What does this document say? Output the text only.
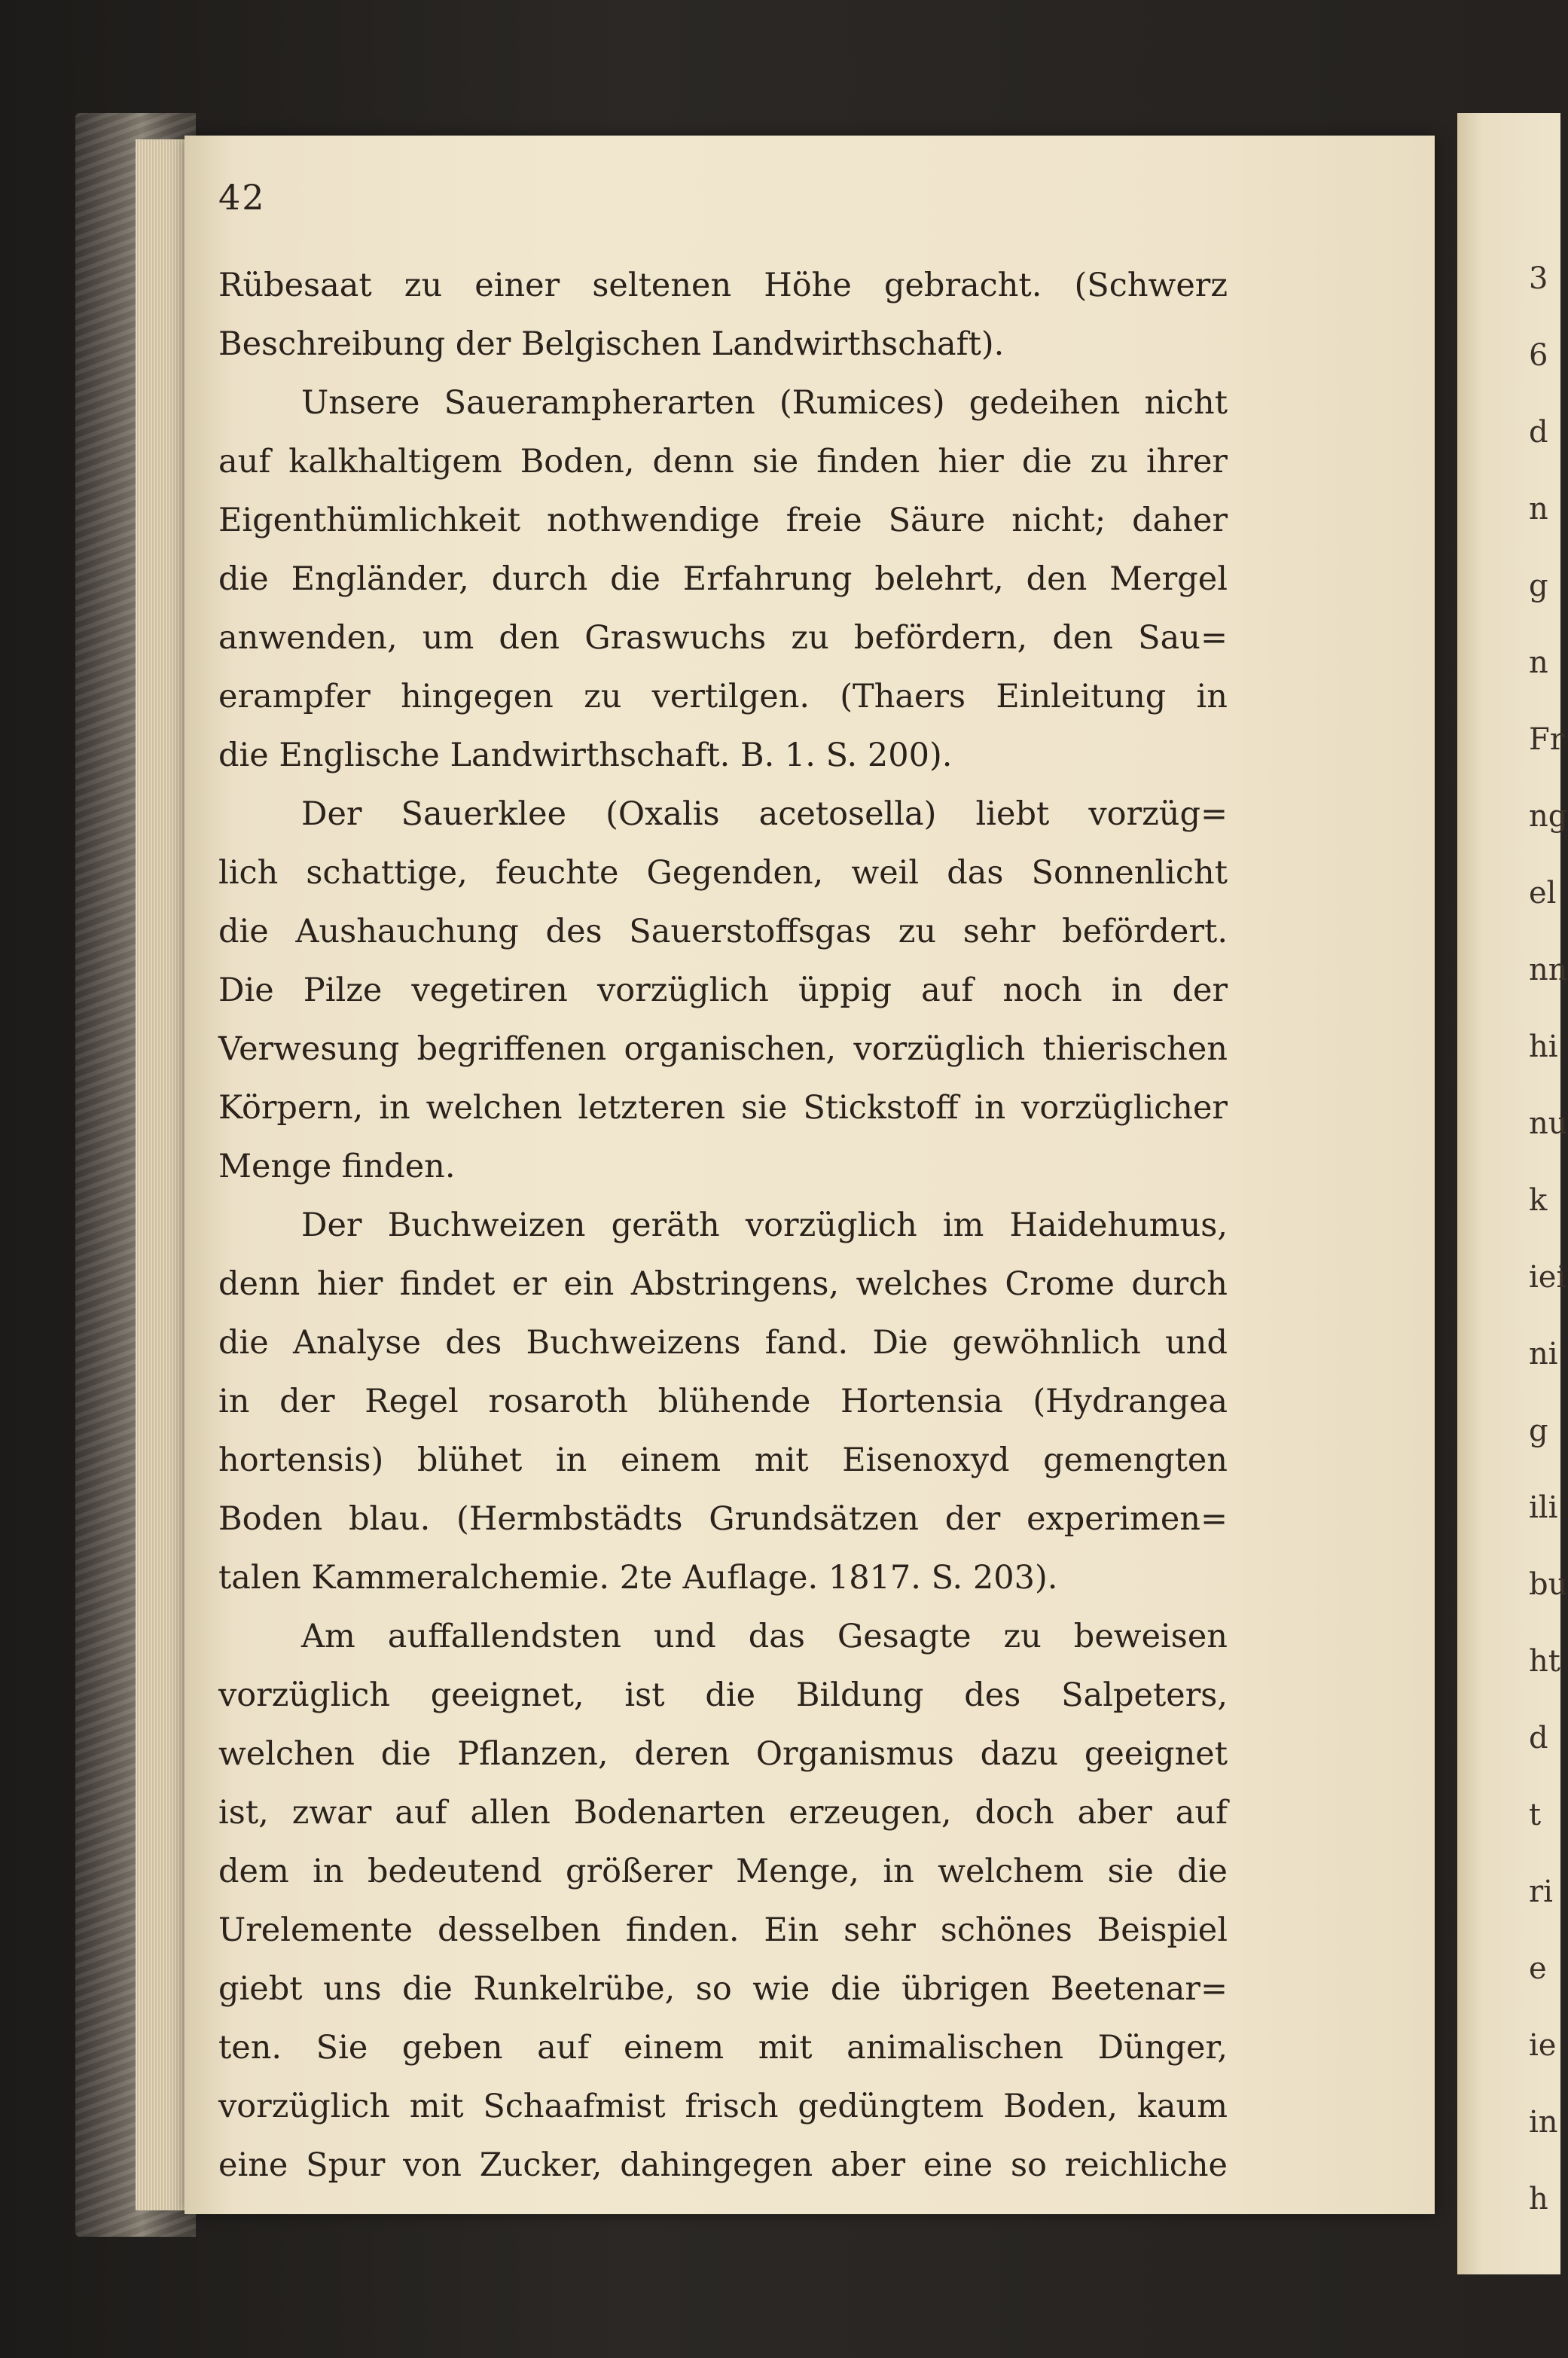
3
6
d
n
g
n
Fr
ng
el
nn
hi
nu
k
iei
ni
g
ili
bu
ht
d
t
ri
e
ie
in
h
42
Rübesaat zu einer seltenen Höhe gebracht. (Schwerz
Beschreibung der Belgischen Landwirthschaft).
Unsere Sauerampherarten (Rumices) gedeihen nicht
auf kalkhaltigem Boden, denn sie finden hier die zu ihrer
Eigenthümlichkeit nothwendige freie Säure nicht; daher
die Engländer, durch die Erfahrung belehrt, den Mergel
anwenden, um den Graswuchs zu befördern, den Sau=
erampfer hingegen zu vertilgen. (Thaers Einleitung in
die Englische Landwirthschaft. B. 1. S. 200).
Der Sauerklee (Oxalis acetosella) liebt vorzüg=
lich schattige, feuchte Gegenden, weil das Sonnenlicht
die Aushauchung des Sauerstoffsgas zu sehr befördert.
Die Pilze vegetiren vorzüglich üppig auf noch in der
Verwesung begriffenen organischen, vorzüglich thierischen
Körpern, in welchen letzteren sie Stickstoff in vorzüglicher
Menge finden.
Der Buchweizen geräth vorzüglich im Haidehumus,
denn hier findet er ein Abstringens, welches Crome durch
die Analyse des Buchweizens fand. Die gewöhnlich und
in der Regel rosaroth blühende Hortensia (Hydrangea
hortensis) blühet in einem mit Eisenoxyd gemengten
Boden blau. (Hermbstädts Grundsätzen der experimen=
talen Kammeralchemie. 2te Auflage. 1817. S. 203).
Am auffallendsten und das Gesagte zu beweisen
vorzüglich geeignet, ist die Bildung des Salpeters,
welchen die Pflanzen, deren Organismus dazu geeignet
ist, zwar auf allen Bodenarten erzeugen, doch aber auf
dem in bedeutend größerer Menge, in welchem sie die
Urelemente desselben finden. Ein sehr schönes Beispiel
giebt uns die Runkelrübe, so wie die übrigen Beetenar=
ten. Sie geben auf einem mit animalischen Dünger,
vorzüglich mit Schaafmist frisch gedüngtem Boden, kaum
eine Spur von Zucker, dahingegen aber eine so reichliche
